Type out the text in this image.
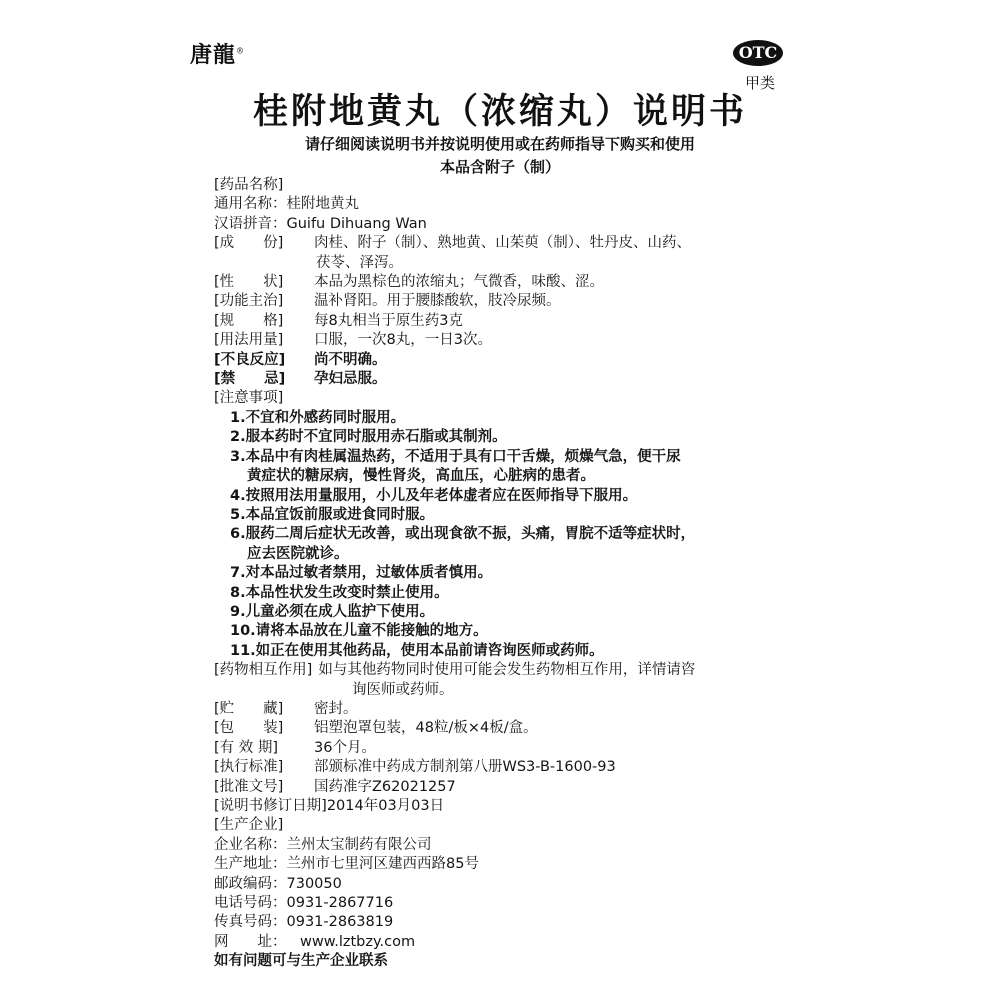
唐龍®	OTC
甲类
桂附地黄丸（浓缩丸）说明书
请仔细阅读说明书并按说明使用或在药师指导下购买和使用
本品含附子（制）
[药品名称]
通用名称：桂附地黄丸
汉语拼音：Guifu Dihuang Wan
[成　　份]	肉桂、附子（制）、熟地黄、山茱萸（制）、牡丹皮、山药、
茯苓、泽泻。
[性　　状]	本品为黑棕色的浓缩丸；气微香，味酸、涩。
[功能主治]	温补肾阳。用于腰膝酸软，肢冷尿频。
[规　　格]	每8丸相当于原生药3克
[用法用量]	口服，一次8丸，一日3次。
[不良反应]	尚不明确。
[禁　　忌]	孕妇忌服。
[注意事项]
1.不宜和外感药同时服用。
2.服本药时不宜同时服用赤石脂或其制剂。
3.本品中有肉桂属温热药，不适用于具有口干舌燥，烦燥气急，便干尿
黄症状的糖尿病，慢性肾炎，高血压，心脏病的患者。
4.按照用法用量服用，小儿及年老体虚者应在医师指导下服用。
5.本品宜饭前服或进食同时服。
6.服药二周后症状无改善，或出现食欲不振，头痛，胃脘不适等症状时，
应去医院就诊。
7.对本品过敏者禁用，过敏体质者慎用。
8.本品性状发生改变时禁止使用。
9.儿童必须在成人监护下使用。
10.请将本品放在儿童不能接触的地方。
11.如正在使用其他药品，使用本品前请咨询医师或药师。
[药物相互作用] 如与其他药物同时使用可能会发生药物相互作用，详情请咨
询医师或药师。
[贮　　藏]	密封。
[包　　装]	铝塑泡罩包装，48粒/板×4板/盒。
[有 效 期]	36个月。
[执行标准]	部颁标准中药成方制剂第八册WS3-B-1600-93
[批准文号]	国药准字Z62021257
[说明书修订日期] 2014年03月03日
[生产企业]
企业名称：兰州太宝制药有限公司
生产地址：兰州市七里河区建西西路85号
邮政编码：730050
电话号码：0931-2867716
传真号码：0931-2863819
网　　址： www.lztbzy.com
如有问题可与生产企业联系
